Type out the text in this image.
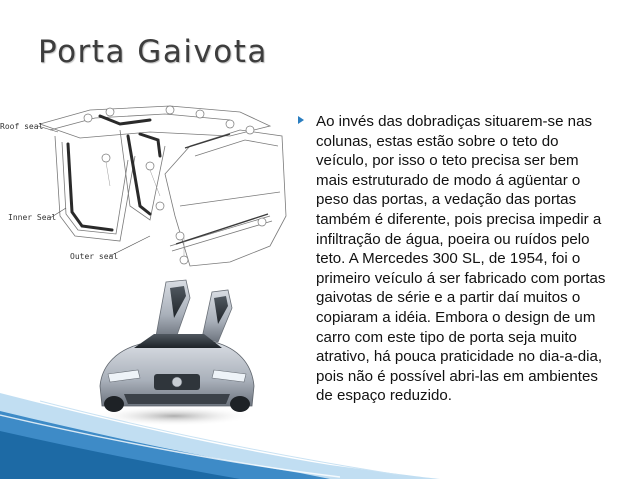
Porta Gaivota
Roof seal
Inner Seal
Outer seal
Ao invés das dobradiças situarem-se nas colunas, estas estão sobre o teto do veículo, por isso o teto precisa ser bem mais estruturado de modo á agüentar o peso das portas, a vedação das portas também é diferente, pois precisa impedir a infiltração de água, poeira ou ruídos pelo teto. A Mercedes 300 SL, de 1954, foi o primeiro veículo á ser fabricado com portas gaivotas de série e a partir daí muitos o copiaram a idéia. Embora o design de um carro com este tipo de porta seja muito atrativo, há pouca praticidade no dia-a-dia, pois não é possível abri-las em ambientes de espaço reduzido.
